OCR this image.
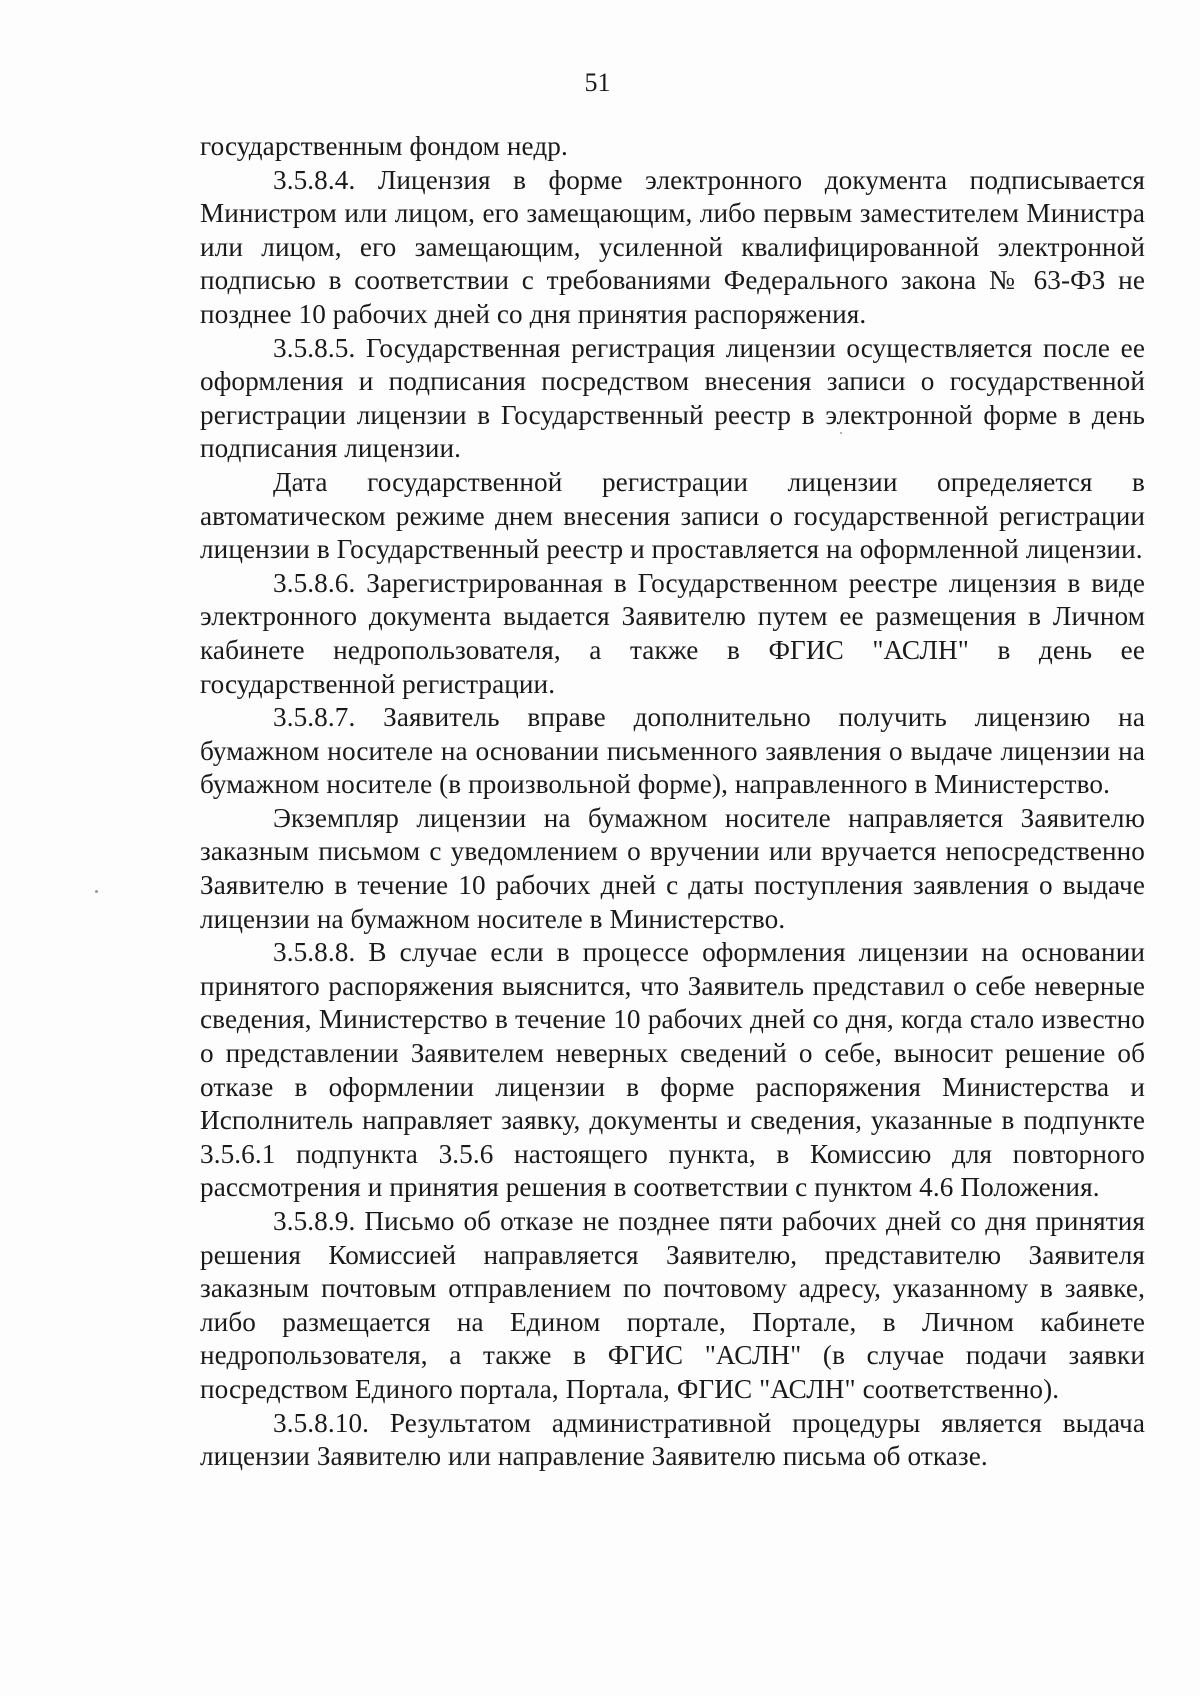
51

государственным фондом недр.

3.5.8.4. Лицензия в форме электронного документа подписывается Министром или лицом, его замещающим, либо первым заместителем Министра или лицом, его замещающим, усиленной квалифицированной электронной подписью в соответствии с требованиями Федерального закона № 63-ФЗ не позднее 10 рабочих дней со дня принятия распоряжения.

3.5.8.5. Государственная регистрация лицензии осуществляется после ее оформления и подписания посредством внесения записи о государственной регистрации лицензии в Государственный реестр в электронной форме в день подписания лицензии.

Дата государственной регистрации лицензии определяется в автоматическом режиме днем внесения записи о государственной регистрации лицензии в Государственный реестр и проставляется на оформленной лицензии.

3.5.8.6. Зарегистрированная в Государственном реестре лицензия в виде электронного документа выдается Заявителю путем ее размещения в Личном кабинете недропользователя, а также в ФГИС "АСЛН" в день ее государственной регистрации.

3.5.8.7. Заявитель вправе дополнительно получить лицензию на бумажном носителе на основании письменного заявления о выдаче лицензии на бумажном носителе (в произвольной форме), направленного в Министерство.

Экземпляр лицензии на бумажном носителе направляется Заявителю заказным письмом с уведомлением о вручении или вручается непосредственно Заявителю в течение 10 рабочих дней с даты поступления заявления о выдаче лицензии на бумажном носителе в Министерство.

3.5.8.8. В случае если в процессе оформления лицензии на основании принятого распоряжения выяснится, что Заявитель представил о себе неверные сведения, Министерство в течение 10 рабочих дней со дня, когда стало известно о представлении Заявителем неверных сведений о себе, выносит решение об отказе в оформлении лицензии в форме распоряжения Министерства и Исполнитель направляет заявку, документы и сведения, указанные в подпункте 3.5.6.1 подпункта 3.5.6 настоящего пункта, в Комиссию для повторного рассмотрения и принятия решения в соответствии с пунктом 4.6 Положения.

3.5.8.9. Письмо об отказе не позднее пяти рабочих дней со дня принятия решения Комиссией направляется Заявителю, представителю Заявителя заказным почтовым отправлением по почтовому адресу, указанному в заявке, либо размещается на Едином портале, Портале, в Личном кабинете недропользователя, а также в ФГИС "АСЛН" (в случае подачи заявки посредством Единого портала, Портала, ФГИС "АСЛН" соответственно).

3.5.8.10. Результатом административной процедуры является выдача лицензии Заявителю или направление Заявителю письма об отказе.
